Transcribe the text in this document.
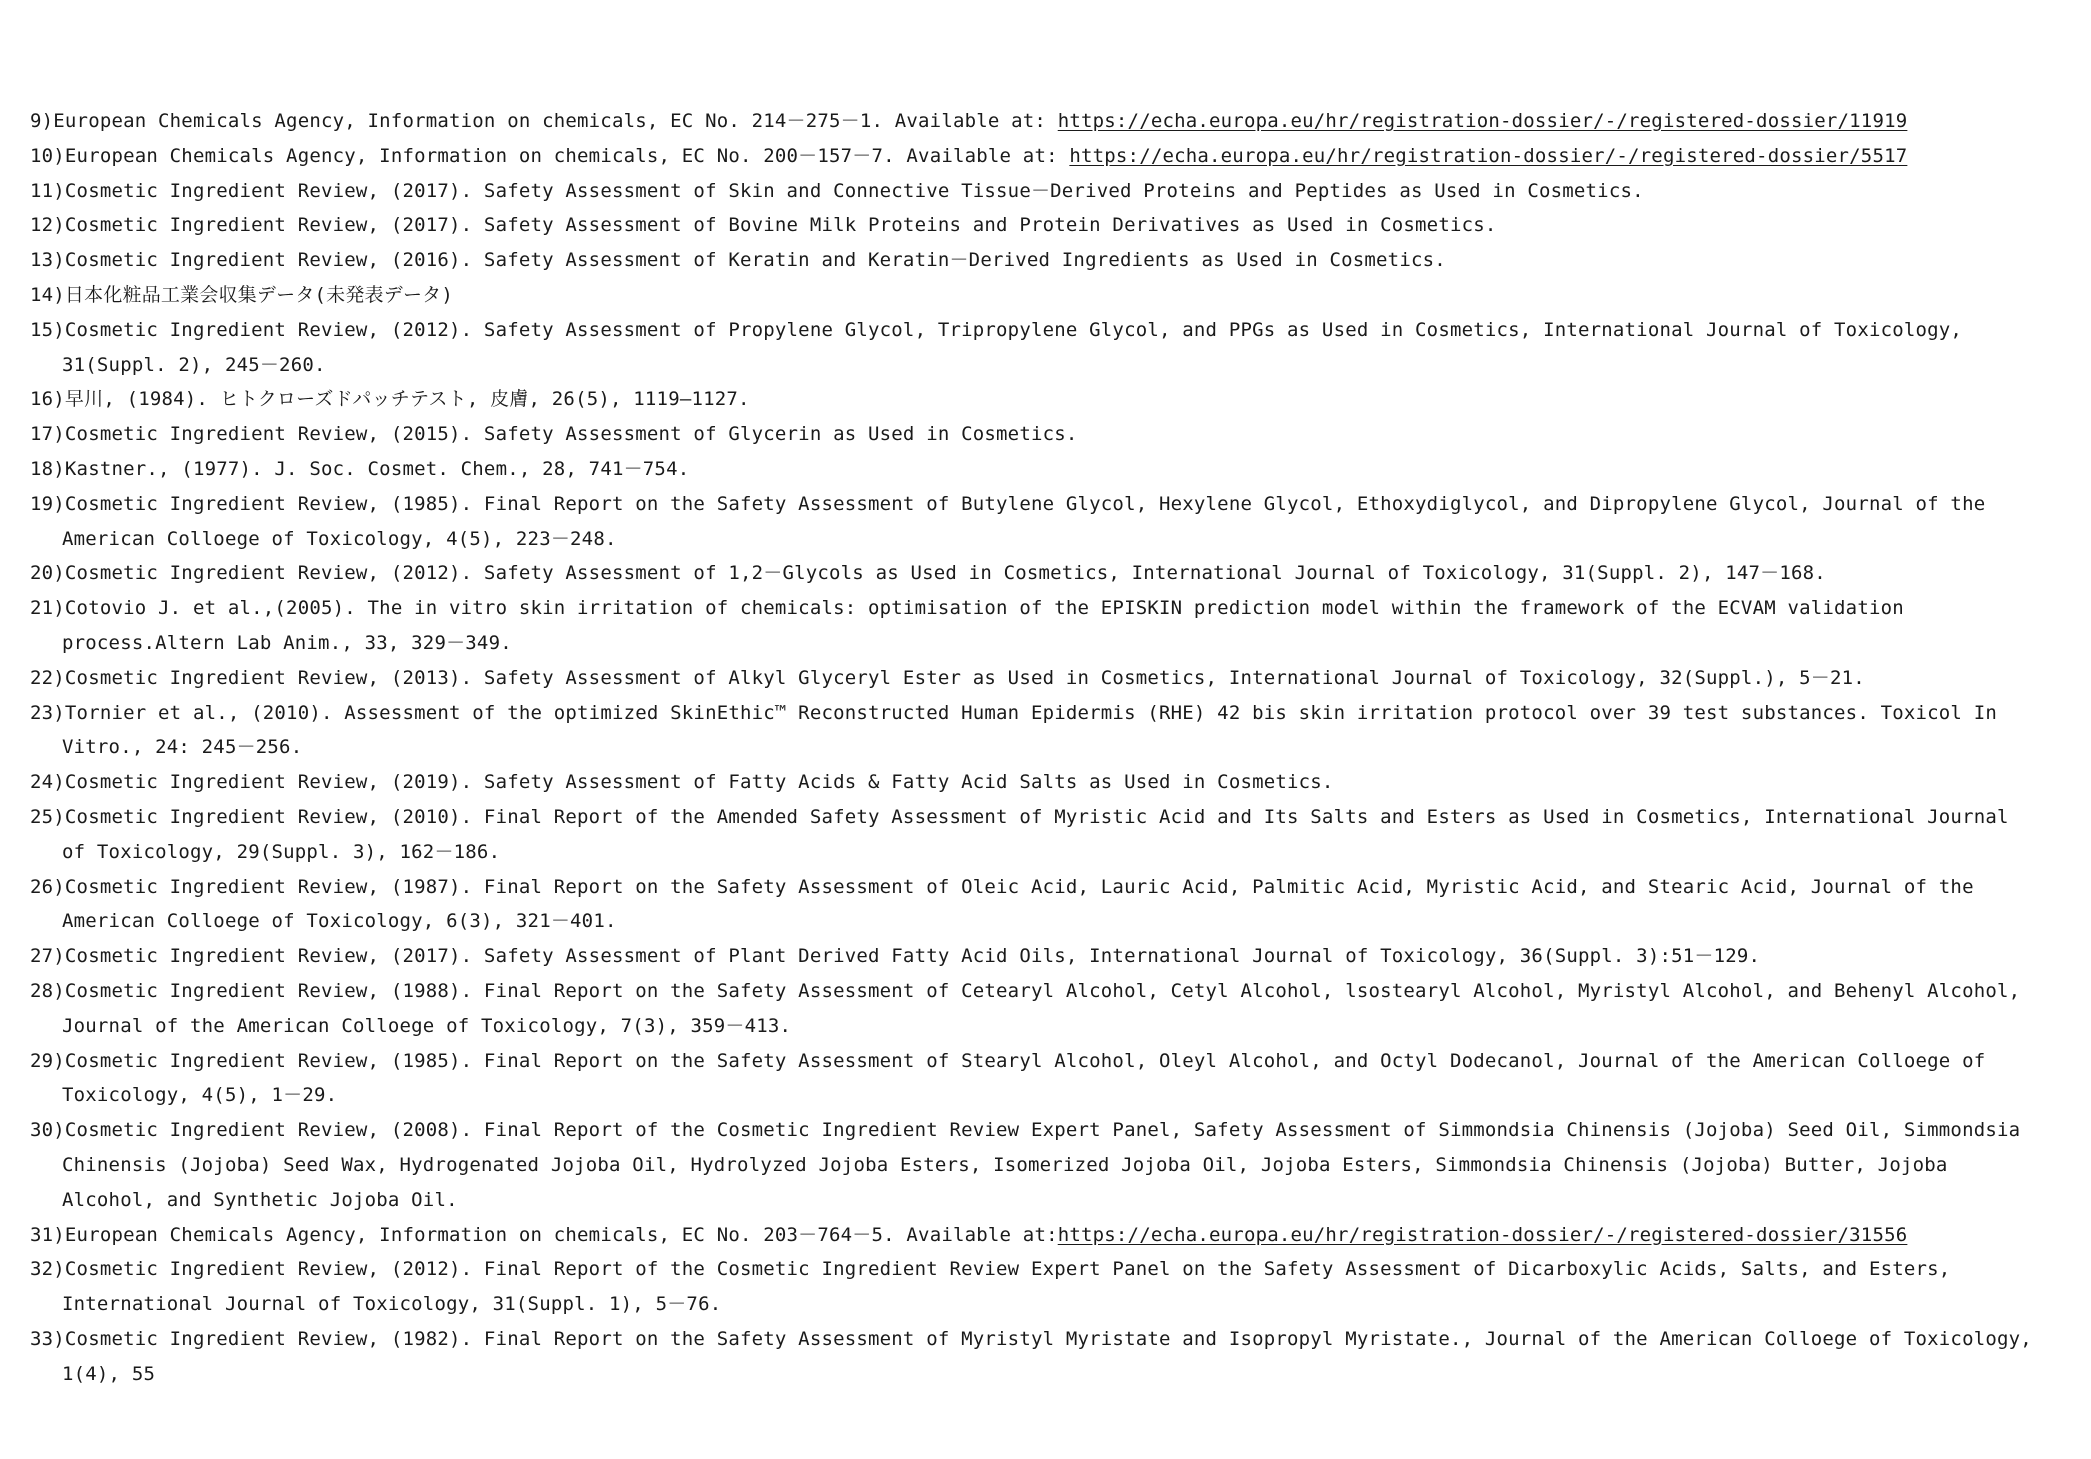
9)European Chemicals Agency, Information on chemicals, EC No. 214－275－1. Available at: https://echa.europa.eu/hr/registration-dossier/-/registered-dossier/11919
10)European Chemicals Agency, Information on chemicals, EC No. 200－157－7. Available at: https://echa.europa.eu/hr/registration-dossier/-/registered-dossier/5517
11)Cosmetic Ingredient Review, (2017). Safety Assessment of Skin and Connective Tissue－Derived Proteins and Peptides as Used in Cosmetics.
12)Cosmetic Ingredient Review, (2017). Safety Assessment of Bovine Milk Proteins and Protein Derivatives as Used in Cosmetics.
13)Cosmetic Ingredient Review, (2016). Safety Assessment of Keratin and Keratin－Derived Ingredients as Used in Cosmetics.
14)日本化粧品工業会収集データ(未発表データ)
15)Cosmetic Ingredient Review, (2012). Safety Assessment of Propylene Glycol, Tripropylene Glycol, and PPGs as Used in Cosmetics, International Journal of Toxicology, 31(Suppl. 2), 245－260.
16)早川, (1984). ヒトクローズドパッチテスト, 皮膚, 26(5), 1119―1127.
17)Cosmetic Ingredient Review, (2015). Safety Assessment of Glycerin as Used in Cosmetics.
18)Kastner., (1977). J. Soc. Cosmet. Chem., 28, 741－754.
19)Cosmetic Ingredient Review, (1985). Final Report on the Safety Assessment of Butylene Glycol, Hexylene Glycol, Ethoxydiglycol, and Dipropylene Glycol, Journal of the American Colloege of Toxicology, 4(5), 223－248.
20)Cosmetic Ingredient Review, (2012). Safety Assessment of 1,2－Glycols as Used in Cosmetics, International Journal of Toxicology, 31(Suppl. 2), 147－168.
21)Cotovio J. et al.,(2005). The in vitro skin irritation of chemicals: optimisation of the EPISKIN prediction model within the framework of the ECVAM validation process.Altern Lab Anim., 33, 329－349.
22)Cosmetic Ingredient Review, (2013). Safety Assessment of Alkyl Glyceryl Ester as Used in Cosmetics, International Journal of Toxicology, 32(Suppl.), 5－21.
23)Tornier et al., (2010). Assessment of the optimized SkinEthic™ Reconstructed Human Epidermis (RHE) 42 bis skin irritation protocol over 39 test substances. Toxicol In Vitro., 24: 245－256.
24)Cosmetic Ingredient Review, (2019). Safety Assessment of Fatty Acids & Fatty Acid Salts as Used in Cosmetics.
25)Cosmetic Ingredient Review, (2010). Final Report of the Amended Safety Assessment of Myristic Acid and Its Salts and Esters as Used in Cosmetics, International Journal of Toxicology, 29(Suppl. 3), 162－186.
26)Cosmetic Ingredient Review, (1987). Final Report on the Safety Assessment of Oleic Acid, Lauric Acid, Palmitic Acid, Myristic Acid, and Stearic Acid, Journal of the American Colloege of Toxicology, 6(3), 321－401.
27)Cosmetic Ingredient Review, (2017). Safety Assessment of Plant Derived Fatty Acid Oils, International Journal of Toxicology, 36(Suppl. 3):51－129.
28)Cosmetic Ingredient Review, (1988). Final Report on the Safety Assessment of Cetearyl Alcohol, Cetyl Alcohol, lsostearyl Alcohol, Myristyl Alcohol, and Behenyl Alcohol, Journal of the American Colloege of Toxicology, 7(3), 359－413.
29)Cosmetic Ingredient Review, (1985). Final Report on the Safety Assessment of Stearyl Alcohol, Oleyl Alcohol, and Octyl Dodecanol, Journal of the American Colloege of Toxicology, 4(5), 1－29.
30)Cosmetic Ingredient Review, (2008). Final Report of the Cosmetic Ingredient Review Expert Panel, Safety Assessment of Simmondsia Chinensis (Jojoba) Seed Oil, Simmondsia Chinensis (Jojoba) Seed Wax, Hydrogenated Jojoba Oil, Hydrolyzed Jojoba Esters, Isomerized Jojoba Oil, Jojoba Esters, Simmondsia Chinensis (Jojoba) Butter, Jojoba Alcohol, and Synthetic Jojoba Oil.
31)European Chemicals Agency, Information on chemicals, EC No. 203－764－5. Available at:https://echa.europa.eu/hr/registration-dossier/-/registered-dossier/31556
32)Cosmetic Ingredient Review, (2012). Final Report of the Cosmetic Ingredient Review Expert Panel on the Safety Assessment of Dicarboxylic Acids, Salts, and Esters, International Journal of Toxicology, 31(Suppl. 1), 5－76.
33)Cosmetic Ingredient Review, (1982). Final Report on the Safety Assessment of Myristyl Myristate and Isopropyl Myristate., Journal of the American Colloege of Toxicology, 1(4), 55
